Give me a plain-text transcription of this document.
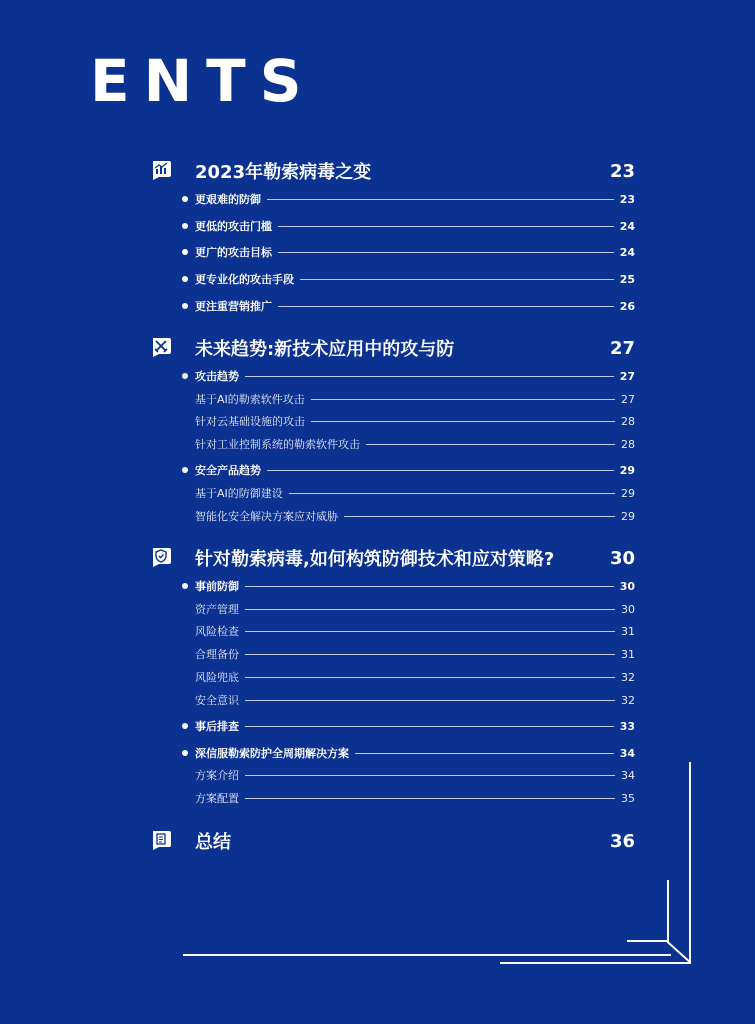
ENTS
2023年勒索病毒之变	23
更艰难的防御	23
更低的攻击门槛	24
更广的攻击目标	24
更专业化的攻击手段	25
更注重营销推广	26
未来趋势:新技术应用中的攻与防	27
攻击趋势	27
基于AI的勒索软件攻击	27
针对云基础设施的攻击	28
针对工业控制系统的勒索软件攻击	28
安全产品趋势	29
基于AI的防御建设	29
智能化安全解决方案应对威胁	29
针对勒索病毒,如何构筑防御技术和应对策略?	30
事前防御	30
资产管理	30
风险检查	31
合理备份	31
风险兜底	32
安全意识	32
事后排查	33
深信服勒索防护全周期解决方案	34
方案介绍	34
方案配置	35
总结	36
